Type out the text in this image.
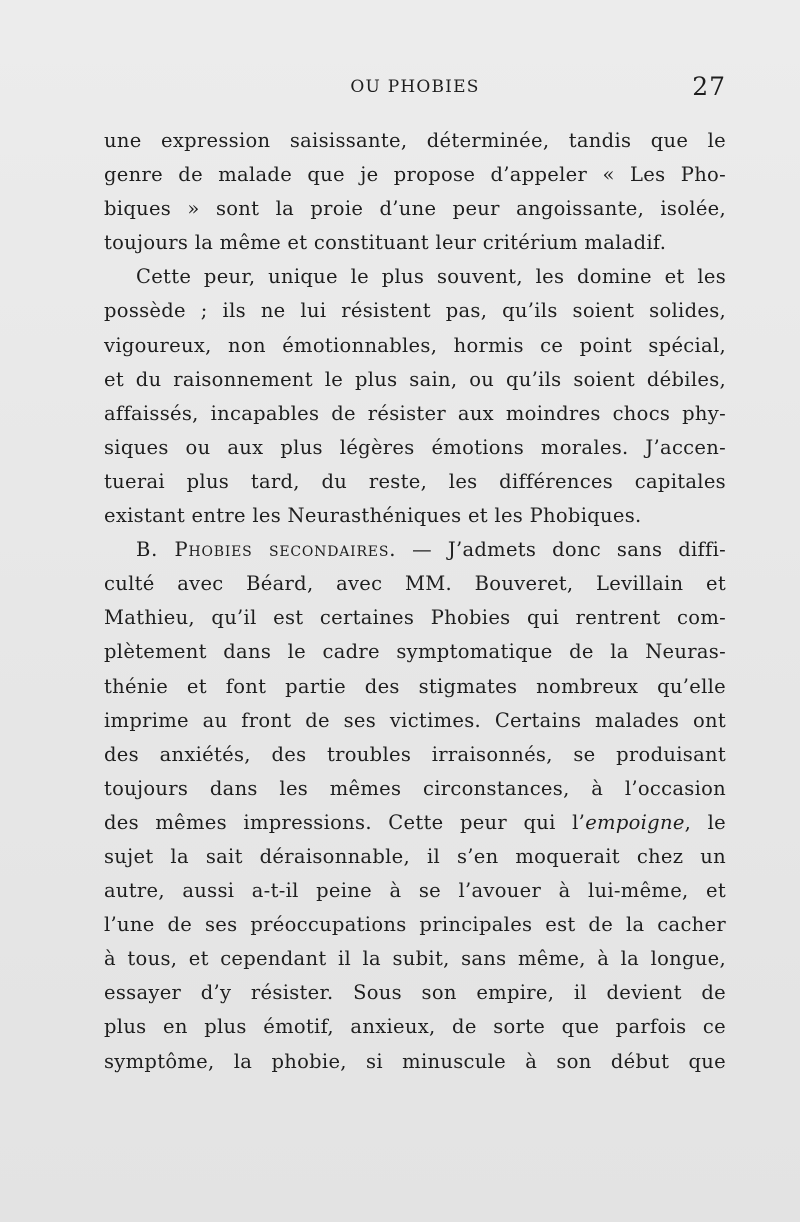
OU PHOBIES	27
une expression saisissante, déterminée, tandis que le
genre de malade que je propose d’appeler « Les Pho-
biques » sont la proie d’une peur angoissante, isolée,
toujours la même et constituant leur critérium maladif.
Cette peur, unique le plus souvent, les domine et les
possède ; ils ne lui résistent pas, qu’ils soient solides,
vigoureux, non émotionnables, hormis ce point spécial,
et du raisonnement le plus sain, ou qu’ils soient débiles,
affaissés, incapables de résister aux moindres chocs phy-
siques ou aux plus légères émotions morales. J’accen-
tuerai plus tard, du reste, les différences capitales
existant entre les Neurasthéniques et les Phobiques.
B. Phobies secondaires. — J’admets donc sans diffi-
culté avec Béard, avec MM. Bouveret, Levillain et
Mathieu, qu’il est certaines Phobies qui rentrent com-
plètement dans le cadre symptomatique de la Neuras-
thénie et font partie des stigmates nombreux qu’elle
imprime au front de ses victimes. Certains malades ont
des anxiétés, des troubles irraisonnés, se produisant
toujours dans les mêmes circonstances, à l’occasion
des mêmes impressions. Cette peur qui l’empoigne, le
sujet la sait déraisonnable, il s’en moquerait chez un
autre, aussi a-t-il peine à se l’avouer à lui-même, et
l’une de ses préoccupations principales est de la cacher
à tous, et cependant il la subit, sans même, à la longue,
essayer d’y résister. Sous son empire, il devient de
plus en plus émotif, anxieux, de sorte que parfois ce
symptôme, la phobie, si minuscule à son début que
